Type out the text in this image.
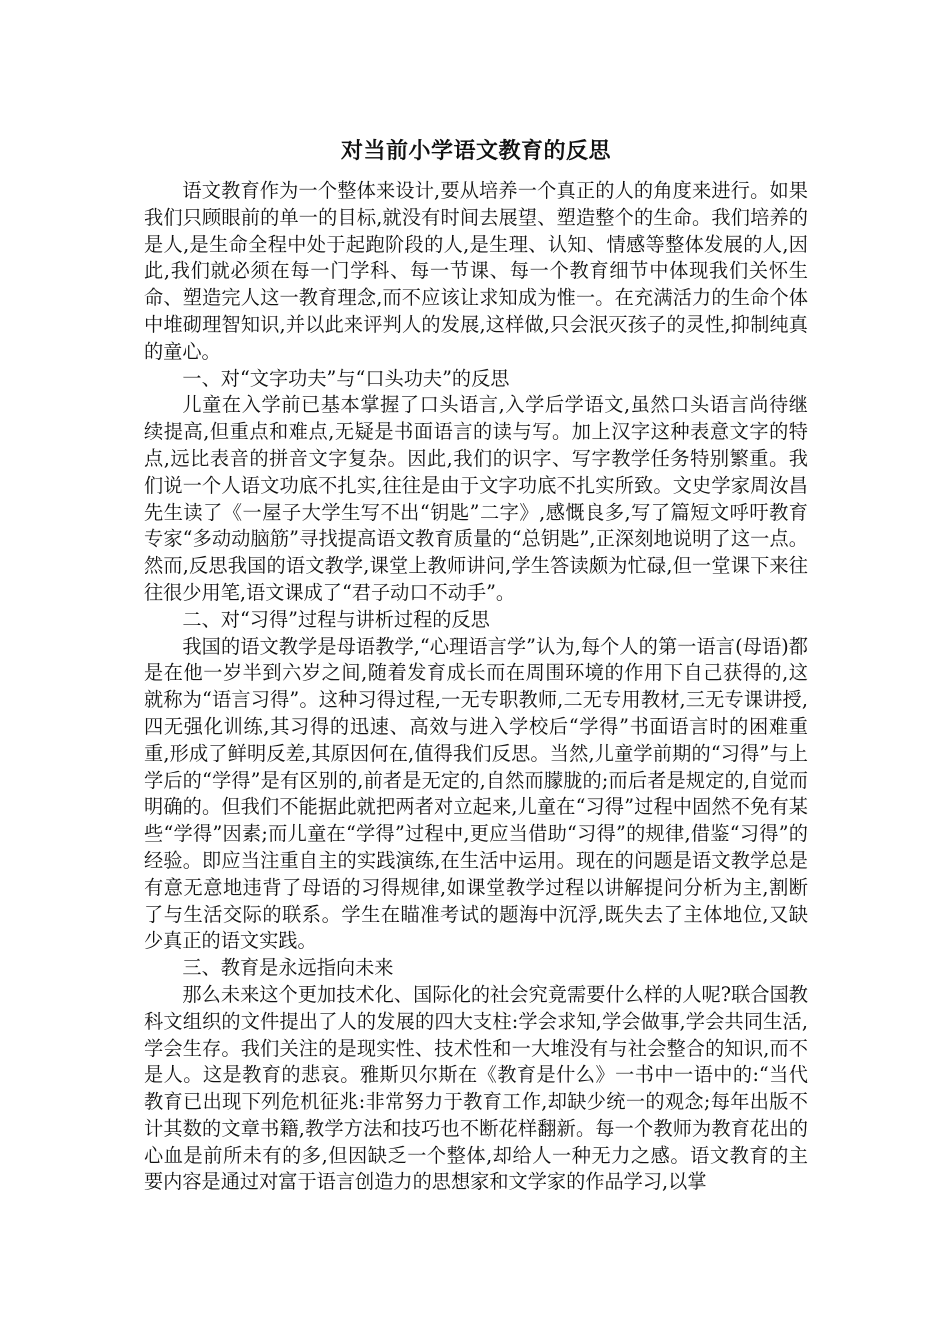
对当前小学语文教育的反思

语文教育作为一个整体来设计,要从培养一个真正的人的角度来进行。如果我们只顾眼前的单一的目标,就没有时间去展望、塑造整个的生命。我们培养的是人,是生命全程中处于起跑阶段的人,是生理、认知、情感等整体发展的人,因此,我们就必须在每一门学科、每一节课、每一个教育细节中体现我们关怀生命、塑造完人这一教育理念,而不应该让求知成为惟一。在充满活力的生命个体中堆砌理智知识,并以此来评判人的发展,这样做,只会泯灭孩子的灵性,抑制纯真的童心。

一、对“文字功夫”与“口头功夫”的反思

儿童在入学前已基本掌握了口头语言,入学后学语文,虽然口头语言尚待继续提高,但重点和难点,无疑是书面语言的读与写。加上汉字这种表意文字的特点,远比表音的拼音文字复杂。因此,我们的识字、写字教学任务特别繁重。我们说一个人语文功底不扎实,往往是由于文字功底不扎实所致。文史学家周汝昌先生读了《一屋子大学生写不出“钥匙”二字》,感慨良多,写了篇短文呼吁教育专家“多动动脑筋”寻找提高语文教育质量的“总钥匙”,正深刻地说明了这一点。然而,反思我国的语文教学,课堂上教师讲问,学生答读颇为忙碌,但一堂课下来往往很少用笔,语文课成了“君子动口不动手”。

二、对“习得”过程与讲析过程的反思

我国的语文教学是母语教学,“心理语言学”认为,每个人的第一语言(母语)都是在他一岁半到六岁之间,随着发育成长而在周围环境的作用下自己获得的,这就称为“语言习得”。这种习得过程,一无专职教师,二无专用教材,三无专课讲授,四无强化训练,其习得的迅速、高效与进入学校后“学得”书面语言时的困难重重,形成了鲜明反差,其原因何在,值得我们反思。当然,儿童学前期的“习得”与上学后的“学得”是有区别的,前者是无定的,自然而朦胧的;而后者是规定的,自觉而明确的。但我们不能据此就把两者对立起来,儿童在“习得”过程中固然不免有某些“学得”因素;而儿童在“学得”过程中,更应当借助“习得”的规律,借鉴“习得”的经验。即应当注重自主的实践演练,在生活中运用。现在的问题是语文教学总是有意无意地违背了母语的习得规律,如课堂教学过程以讲解提问分析为主,割断了与生活交际的联系。学生在瞄准考试的题海中沉浮,既失去了主体地位,又缺少真正的语文实践。

三、教育是永远指向未来

那么未来这个更加技术化、国际化的社会究竟需要什么样的人呢?联合国教科文组织的文件提出了人的发展的四大支柱:学会求知,学会做事,学会共同生活,学会生存。我们关注的是现实性、技术性和一大堆没有与社会整合的知识,而不是人。这是教育的悲哀。雅斯贝尔斯在《教育是什么》一书中一语中的:“当代教育已出现下列危机征兆:非常努力于教育工作,却缺少统一的观念;每年出版不计其数的文章书籍,教学方法和技巧也不断花样翻新。每一个教师为教育花出的心血是前所未有的多,但因缺乏一个整体,却给人一种无力之感。语文教育的主要内容是通过对富于语言创造力的思想家和文学家的作品学习,以掌
